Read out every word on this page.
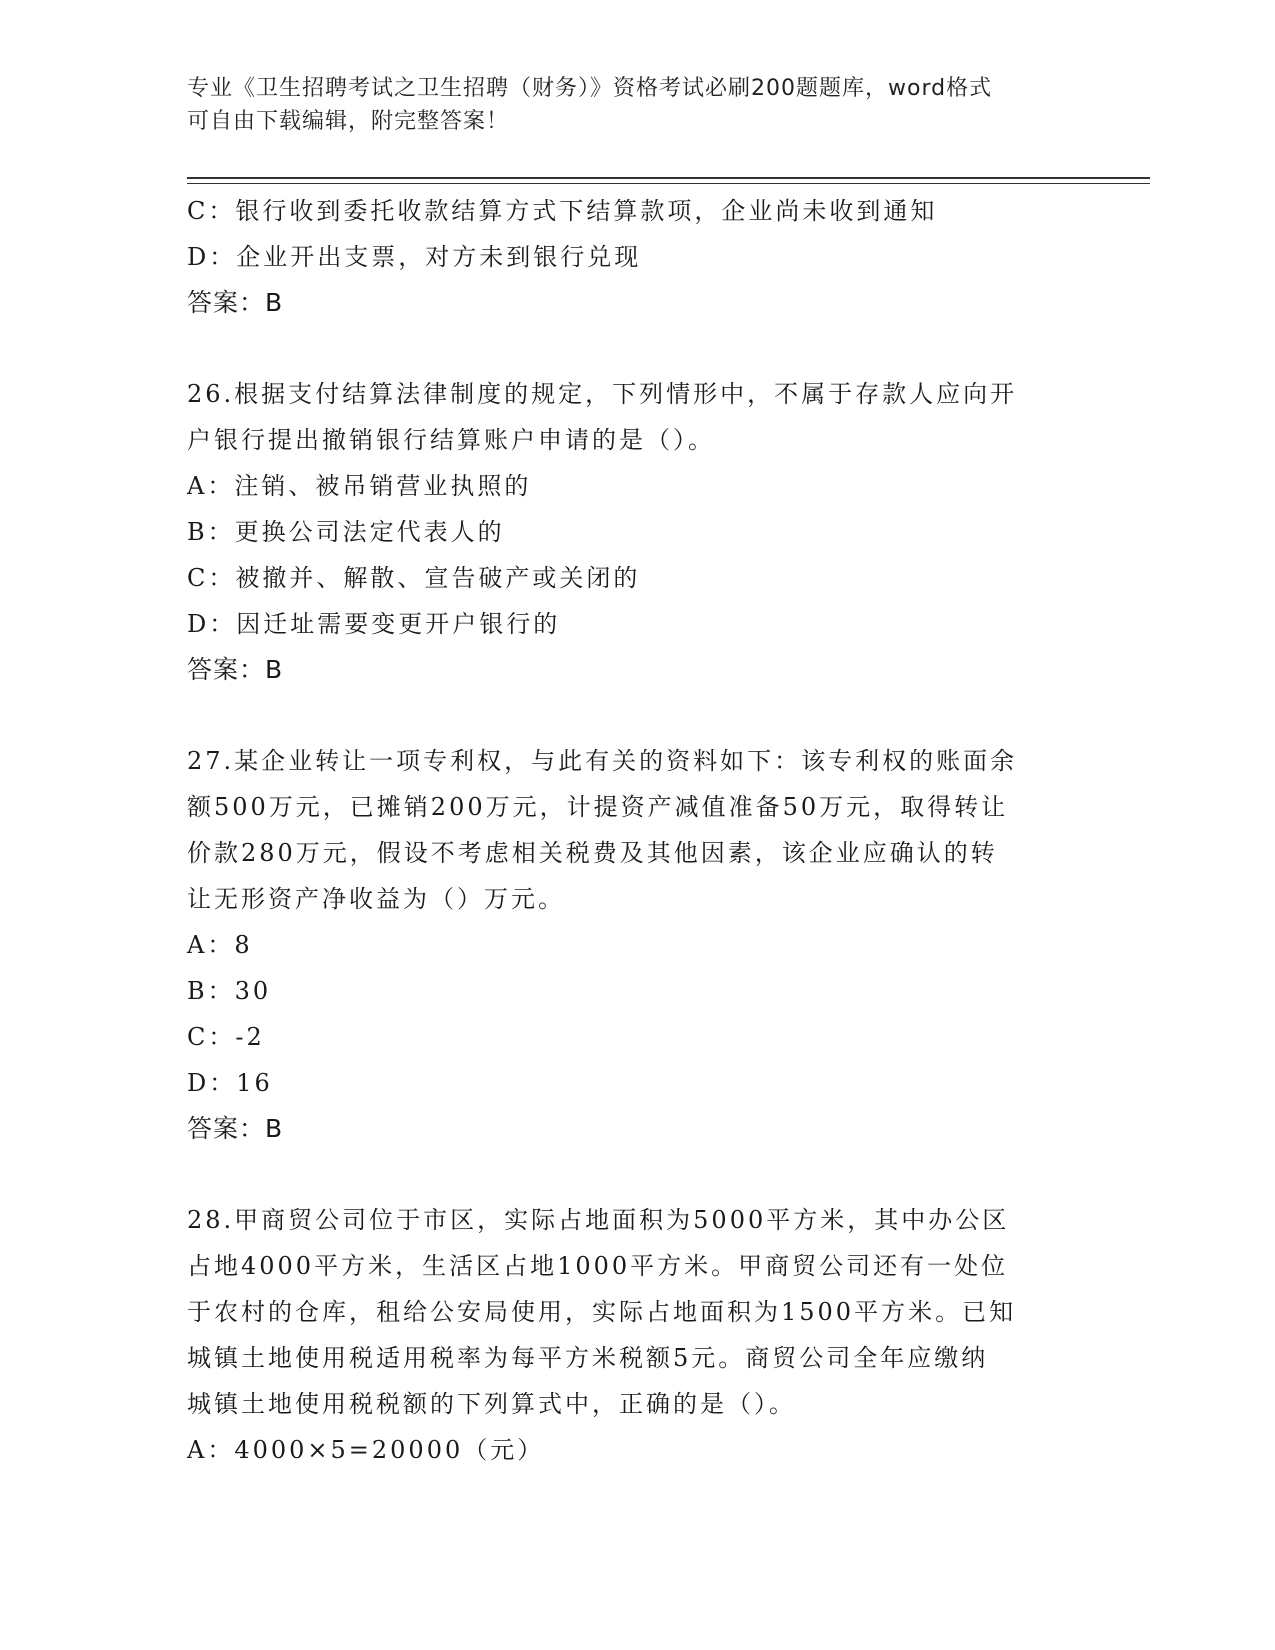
专业《卫生招聘考试之卫生招聘（财务）》资格考试必刷200题题库，word格式
可自由下载编辑，附完整答案！
C：银行收到委托收款结算方式下结算款项，企业尚未收到通知
D：企业开出支票，对方未到银行兑现
答案：B
26.根据支付结算法律制度的规定，下列情形中，不属于存款人应向开
户银行提出撤销银行结算账户申请的是（）。
A：注销、被吊销营业执照的
B：更换公司法定代表人的
C：被撤并、解散、宣告破产或关闭的
D：因迁址需要变更开户银行的
答案：B
27.某企业转让一项专利权，与此有关的资料如下：该专利权的账面余
额500万元，已摊销200万元，计提资产减值准备50万元，取得转让
价款280万元，假设不考虑相关税费及其他因素，该企业应确认的转
让无形资产净收益为（）万元。
A：8
B：30
C：-2
D：16
答案：B
28.甲商贸公司位于市区，实际占地面积为5000平方米，其中办公区
占地4000平方米，生活区占地1000平方米。甲商贸公司还有一处位
于农村的仓库，租给公安局使用，实际占地面积为1500平方米。已知
城镇土地使用税适用税率为每平方米税额5元。商贸公司全年应缴纳
城镇土地使用税税额的下列算式中，正确的是（）。
A：4000×5=20000（元）
